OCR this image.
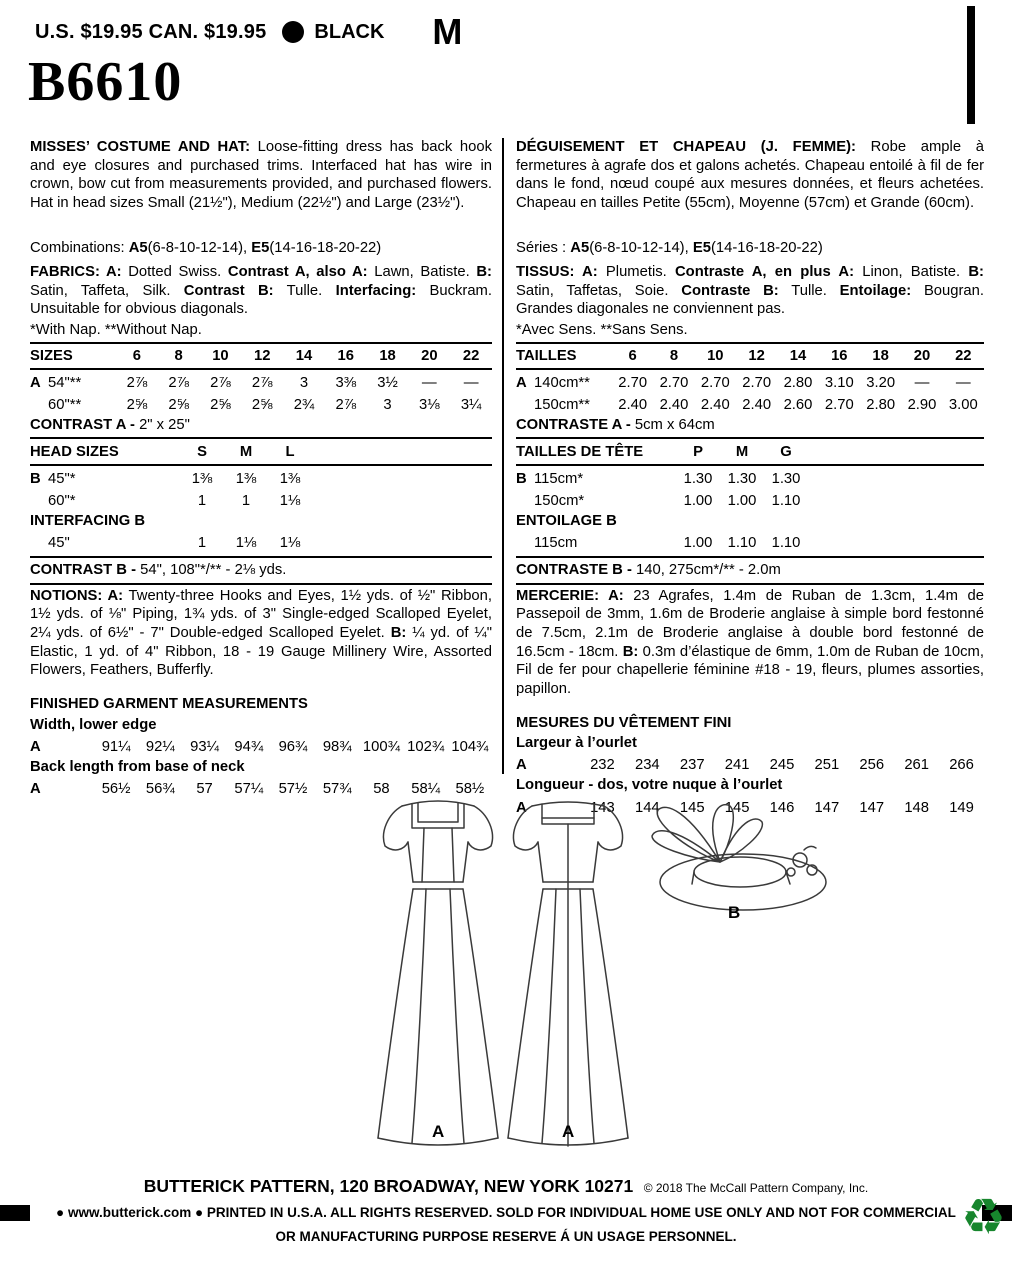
U.S. $19.95 CAN. $19.95 BLACK M
B6610

MISSES’ COSTUME AND HAT: Loose-fitting dress has back hook and eye closures and purchased trims. Interfaced hat has wire in crown, bow cut from measurements provided, and purchased flowers. Hat in head sizes Small (21½"), Medium (22½") and Large (23½").

Combinations: A5(6-8-10-12-14), E5(14-16-18-20-22)

FABRICS: A: Dotted Swiss. Contrast A, also A: Lawn, Batiste. B: Satin, Taffeta, Silk. Contrast B: Tulle. Interfacing: Buckram. Unsuitable for obvious diagonals.

*With Nap. **Without Nap.

SIZES	6	8	10	12	14	16	18	20	22
A 54"**	2⅞	2⅞	2⅞	2⅞	3	3⅜	3½	—	—
60"**	2⅝	2⅝	2⅝	2⅝	2¾	2⅞	3	3⅛	3¼

CONTRAST A - 2" x 25"

HEAD SIZES	S	M	L
B 45"*	1⅜	1⅜	1⅜
60"*	1	1	1⅛

INTERFACING B

45"	1	1⅛	1⅛

CONTRAST B - 54", 108"*/** - 2⅛ yds.

NOTIONS: A: Twenty-three Hooks and Eyes, 1½ yds. of ½" Ribbon, 1½ yds. of ⅛" Piping, 1¾ yds. of 3" Single-edged Scalloped Eyelet, 2¼ yds. of 6½" - 7" Double-edged Scalloped Eyelet. B: ¼ yd. of ¼" Elastic, 1 yd. of 4" Ribbon, 18 - 19 Gauge Millinery Wire, Assorted Flowers, Feathers, Bufferfly.

FINISHED GARMENT MEASUREMENTS

Width, lower edge

A	91¼	92¼	93¼	94¾	96¾	98¾ 100¾ 102¾ 104¾

Back length from base of neck

A	56½	56¾	57	57¼	57½	57¾	58	58¼	58½

DÉGUISEMENT ET CHAPEAU (J. FEMME): Robe ample à fermetures à agrafe dos et galons achetés. Chapeau entoilé à fil de fer dans le fond, nœud coupé aux mesures données, et fleurs achetées. Chapeau en tailles Petite (55cm), Moyenne (57cm) et Grande (60cm).

Séries : A5(6-8-10-12-14), E5(14-16-18-20-22)

TISSUS: A: Plumetis. Contraste A, en plus A: Linon, Batiste. B: Satin, Taffetas, Soie. Contraste B: Tulle. Entoilage: Bougran. Grandes diagonales ne conviennent pas.

*Avec Sens. **Sans Sens.

TAILLES	6	8	10	12	14	16	18	20	22
A 140cm**	2.70 2.70 2.70 2.70 2.80 3.10 3.20	—	—
150cm**	2.40 2.40 2.40 2.40 2.60 2.70 2.80 2.90 3.00

CONTRASTE A - 5cm x 64cm

TAILLES DE TÊTE	P	M	G
B 115cm*	1.30	1.30	1.30
150cm*	1.00	1.00	1.10

ENTOILAGE B

115cm	1.00	1.10	1.10

CONTRASTE B - 140, 275cm*/** - 2.0m

MERCERIE: A: 23 Agrafes, 1.4m de Ruban de 1.3cm, 1.4m de Passepoil de 3mm, 1.6m de Broderie anglaise à simple bord festonné de 7.5cm, 2.1m de Broderie anglaise à double bord festonné de 16.5cm - 18cm. B: 0.3m d’élastique de 6mm, 1.0m de Ruban de 10cm, Fil de fer pour chapellerie féminine #18 - 19, fleurs, plumes assorties, papillon.

MESURES DU VÊTEMENT FINI

Largeur à l’ourlet

A	232	234	237	241	245	251	256	261	266

Longueur - dos, votre nuque à l’ourlet

A	143	144	145	145	146	147	147	148	149
A	A
B
BUTTERICK PATTERN, 120 BROADWAY, NEW YORK 10271 © 2018 The McCall Pattern Company, Inc.
● www.butterick.com ● PRINTED IN U.S.A. ALL RIGHTS RESERVED. SOLD FOR INDIVIDUAL HOME USE ONLY AND NOT FOR COMMERCIAL
OR MANUFACTURING PURPOSE RESERVE Á UN USAGE PERSONNEL.	♻
